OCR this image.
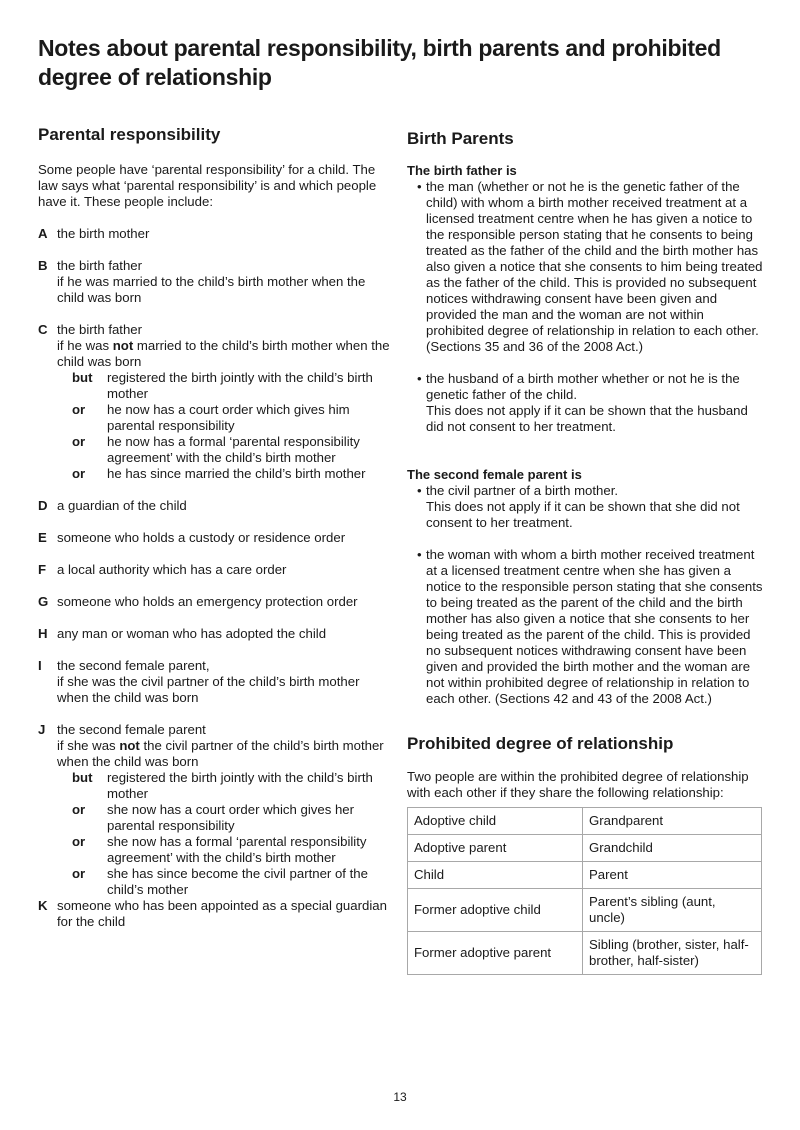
Notes about parental responsibility, birth parents and prohibited degree of relationship
Parental responsibility

Some people have ‘parental responsibility’ for a child. The law says what ‘parental responsibility’ is and which people have it. These people include:

A the birth mother
B the birth father
if he was married to the child’s birth mother when the child was born
C the birth father
if he was not married to the child’s birth mother when the child was born
but	registered the birth jointly with the child’s birth mother
or	he now has a court order which gives him parental responsibility
or	he now has a formal ‘parental responsibility agreement’ with the child’s birth mother
or	he has since married the child’s birth mother
D a guardian of the child
E someone who holds a custody or residence order
F a local authority which has a care order
G someone who holds an emergency protection order
H any man or woman who has adopted the child
I	the second female parent,
if she was the civil partner of the child’s birth mother when the child was born
J the second female parent
if she was not the civil partner of the child’s birth mother when the child was born
but	registered the birth jointly with the child’s birth mother
or	she now has a court order which gives her parental responsibility
or	she now has a formal ‘parental responsibility agreement’ with the child’s birth mother
or	she has since become the civil partner of the child’s mother
K someone who has been appointed as a special guardian for the child
Birth Parents
The birth father is
• the man (whether or not he is the genetic father of the child) with whom a birth mother received treatment at a licensed treatment centre when he has given a notice to the responsible person stating that he consents to being treated as the father of the child and the birth mother has also given a notice that she consents to him being treated as the father of the child. This is provided no subsequent notices withdrawing consent have been given and provided the man and the woman are not within prohibited degree of relationship in relation to each other.
(Sections 35 and 36 of the 2008 Act.)
• the husband of a birth mother whether or not he is the genetic father of the child.
This does not apply if it can be shown that the husband did not consent to her treatment.
The second female parent is
• the civil partner of a birth mother.
This does not apply if it can be shown that she did not consent to her treatment.
• the woman with whom a birth mother received treatment at a licensed treatment centre when she has given a notice to the responsible person stating that she consents to being treated as the parent of the child and the birth mother has also given a notice that she consents to her being treated as the parent of the child. This is provided no subsequent notices withdrawing consent have been given and provided the birth mother and the woman are not within prohibited degree of relationship in relation to each other. (Sections 42 and 43 of the 2008 Act.)
Prohibited degree of relationship

Two people are within the prohibited degree of relationship with each other if they share the following relationship:

Adoptive child	Grandparent
Adoptive parent	Grandchild
Child	Parent
Former adoptive child	Parent’s sibling (aunt, uncle)
Former adoptive parent	Sibling (brother, sister, half-brother, half-sister)
13
